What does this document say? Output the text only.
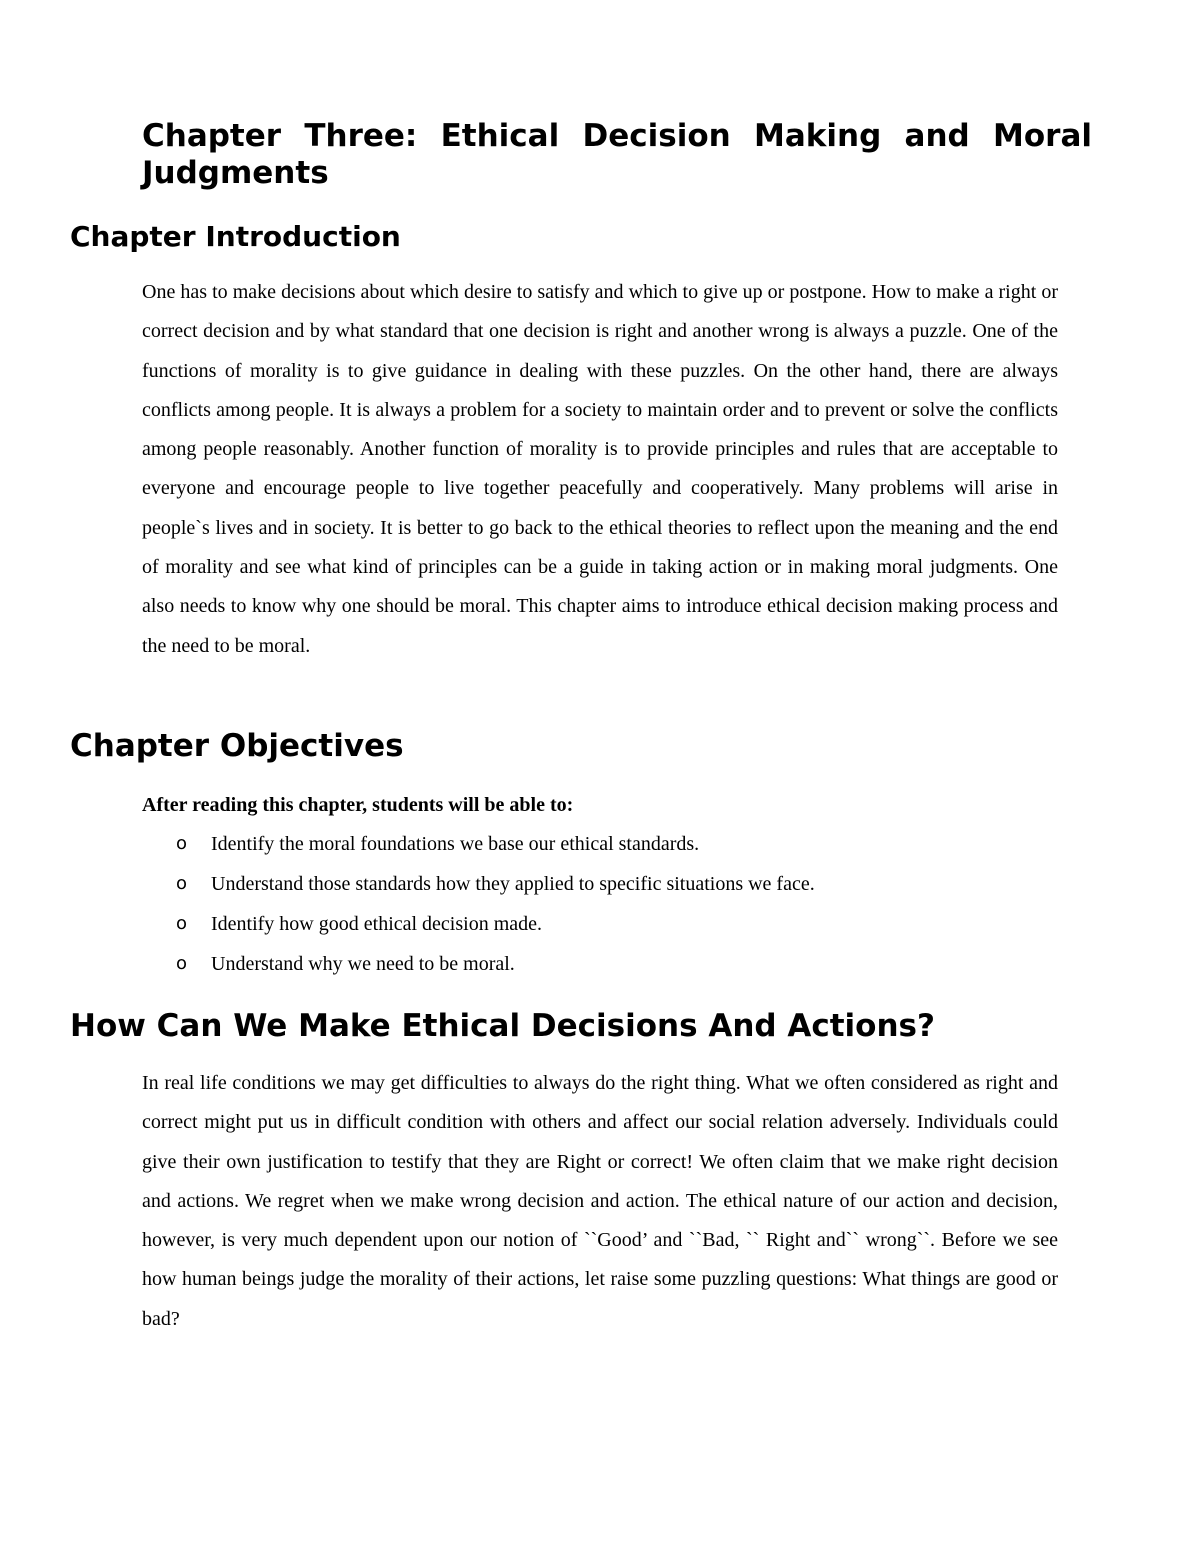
Chapter Three: Ethical Decision Making and Moral Judgments
Chapter Introduction

One has to make decisions about which desire to satisfy and which to give up or postpone. How to make a right or correct decision and by what standard that one decision is right and another wrong is always a puzzle. One of the functions of morality is to give guidance in dealing with these puzzles. On the other hand, there are always conflicts among people. It is always a problem for a society to maintain order and to prevent or solve the conflicts among people reasonably. Another function of morality is to provide principles and rules that are acceptable to everyone and encourage people to live together peacefully and cooperatively. Many problems will arise in people`s lives and in society. It is better to go back to the ethical theories to reflect upon the meaning and the end of morality and see what kind of principles can be a guide in taking action or in making moral judgments. One also needs to know why one should be moral. This chapter aims to introduce ethical decision making process and the need to be moral.

Chapter Objectives

After reading this chapter, students will be able to:

o Identify the moral foundations we base our ethical standards.
o Understand those standards how they applied to specific situations we face.
o Identify how good ethical decision made.
o Understand why we need to be moral.
How Can We Make Ethical Decisions And Actions?

In real life conditions we may get difficulties to always do the right thing. What we often considered as right and correct might put us in difficult condition with others and affect our social relation adversely. Individuals could give their own justification to testify that they are Right or correct! We often claim that we make right decision and actions. We regret when we make wrong decision and action. The ethical nature of our action and decision, however, is very much dependent upon our notion of ``Good’ and ``Bad, `` Right and`` wrong``. Before we see how human beings judge the morality of their actions, let raise some puzzling questions: What things are good or bad?
